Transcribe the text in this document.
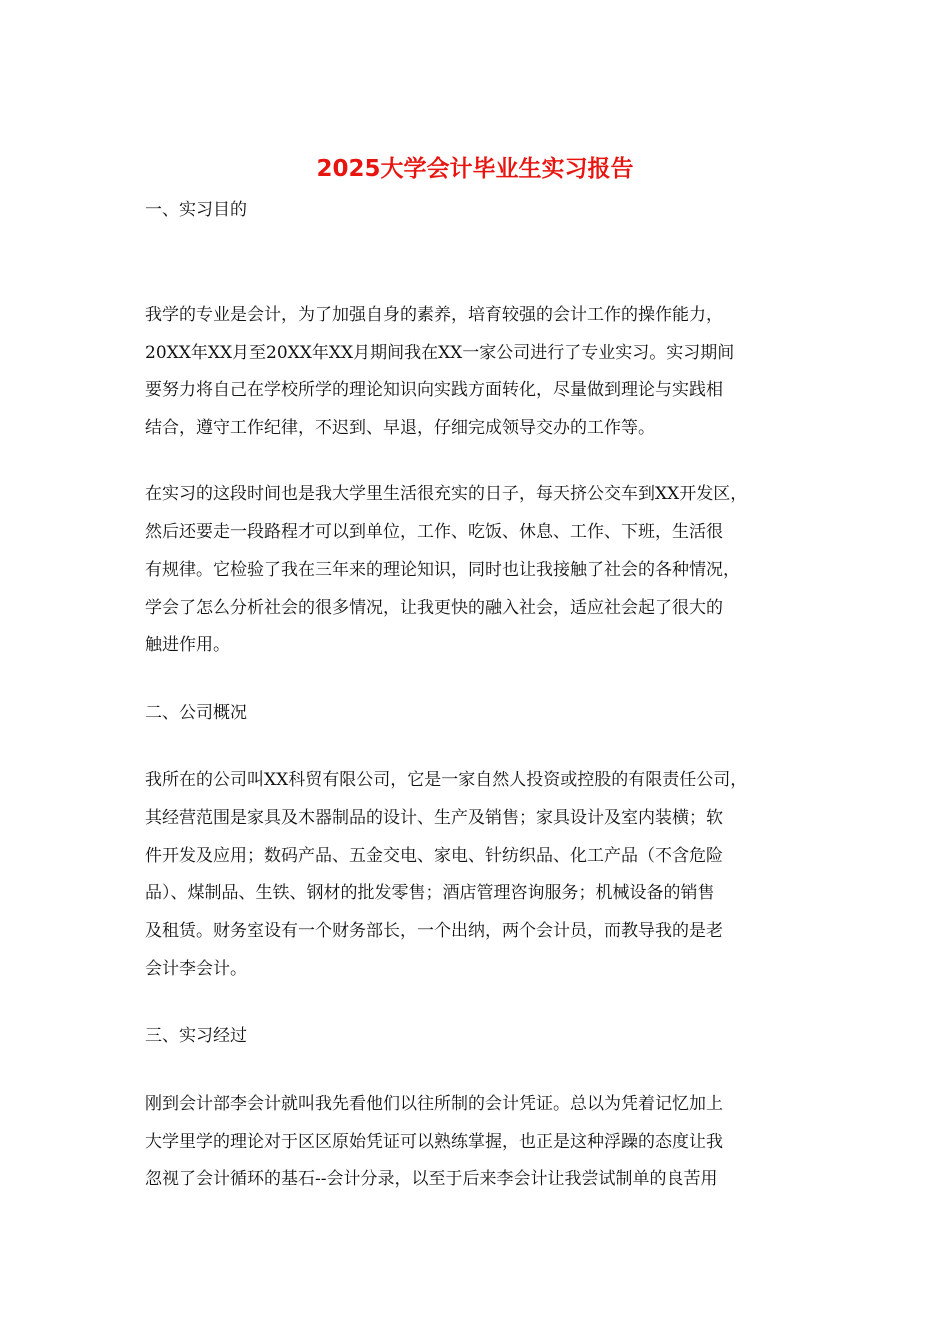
2025大学会计毕业生实习报告
一、实习目的
我学的专业是会计，为了加强自身的素养，培育较强的会计工作的操作能力，
20XX年XX月至20XX年XX月期间我在XX一家公司进行了专业实习。实习期间
要努力将自己在学校所学的理论知识向实践方面转化，尽量做到理论与实践相
结合，遵守工作纪律，不迟到、早退，仔细完成领导交办的工作等。
在实习的这段时间也是我大学里生活很充实的日子，每天挤公交车到XX开发区，
然后还要走一段路程才可以到单位，工作、吃饭、休息、工作、下班，生活很
有规律。它检验了我在三年来的理论知识，同时也让我接触了社会的各种情况，
学会了怎么分析社会的很多情况，让我更快的融入社会，适应社会起了很大的
触进作用。
二、公司概况
我所在的公司叫XX科贸有限公司，它是一家自然人投资或控股的有限责任公司，
其经营范围是家具及木器制品的设计、生产及销售；家具设计及室内装横；软
件开发及应用；数码产品、五金交电、家电、针纺织品、化工产品（不含危险
品）、煤制品、生铁、钢材的批发零售；酒店管理咨询服务；机械设备的销售
及租赁。财务室设有一个财务部长，一个出纳，两个会计员，而教导我的是老
会计李会计。
三、实习经过
刚到会计部李会计就叫我先看他们以往所制的会计凭证。总以为凭着记忆加上
大学里学的理论对于区区原始凭证可以熟练掌握，也正是这种浮躁的态度让我
忽视了会计循环的基石--会计分录，以至于后来李会计让我尝试制单的良苦用
